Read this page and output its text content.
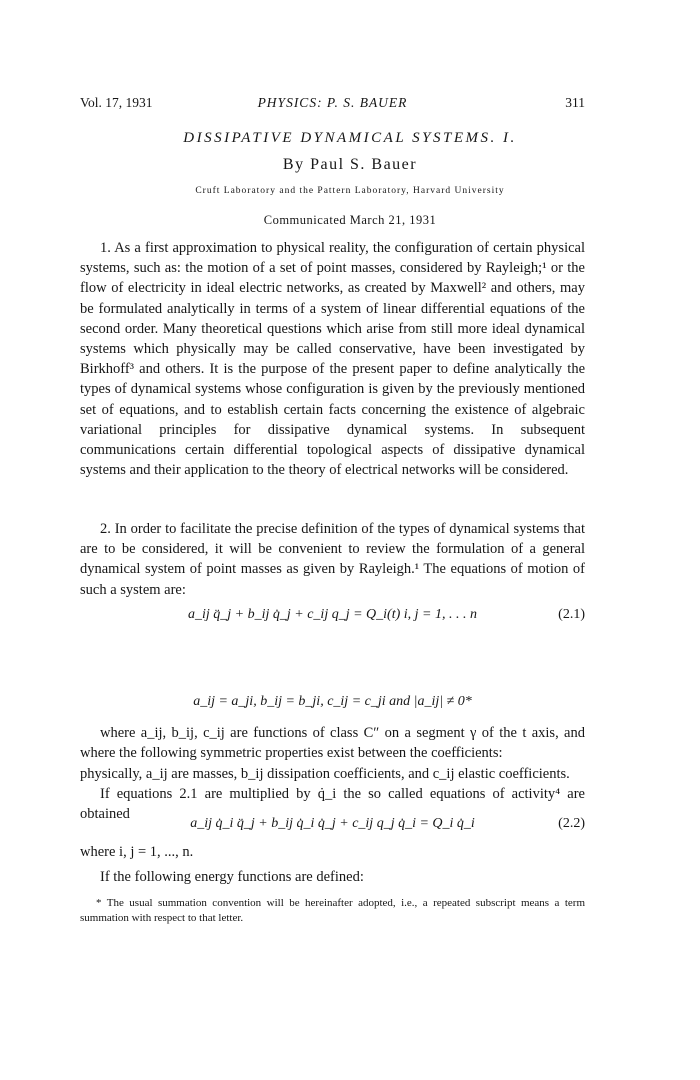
Vol. 17, 1931	PHYSICS: P. S. BAUER	311
DISSIPATIVE DYNAMICAL SYSTEMS. I.
By Paul S. Bauer
Cruft Laboratory and the Pattern Laboratory, Harvard University
Communicated March 21, 1931

1. As a first approximation to physical reality, the configuration of certain physical systems, such as: the motion of a set of point masses, considered by Rayleigh;¹ or the flow of electricity in ideal electric networks, as created by Maxwell² and others, may be formulated analytically in terms of a system of linear differential equations of the second order. Many theoretical questions which arise from still more ideal dynamical systems which physically may be called conservative, have been investigated by Birkhoff³ and others. It is the purpose of the present paper to define analytically the types of dynamical systems whose configuration is given by the previously mentioned set of equations, and to establish certain facts concerning the existence of algebraic variational principles for dissipative dynamical systems. In subsequent communications certain differential topological aspects of dissipative dynamical systems and their application to the theory of electrical networks will be considered.

2. In order to facilitate the precise definition of the types of dynamical systems that are to be considered, it will be convenient to review the formulation of a general dynamical system of point masses as given by Rayleigh.¹ The equations of motion of such a system are:

a_ij q̈_j + b_ij q̇_j + c_ij q_j = Q_i(t) i, j = 1, . . . n	(2.1)

where a_ij, b_ij, c_ij are functions of class C″ on a segment γ of the t axis, and where the following symmetric properties exist between the coefficients:

a_ij = a_ji, b_ij = b_ji, c_ij = c_ji and |a_ij| ≠ 0*

physically, a_ij are masses, b_ij dissipation coefficients, and c_ij elastic coefficients.

If equations 2.1 are multiplied by q̇_i the so called equations of activity⁴ are obtained

a_ij q̇_i q̈_j + b_ij q̇_i q̇_j + c_ij q_j q̇_i = Q_i q̇_i	(2.2)

where i, j = 1, ..., n.

If the following energy functions are defined:

* The usual summation convention will be hereinafter adopted, i.e., a repeated subscript means a term summation with respect to that letter.
